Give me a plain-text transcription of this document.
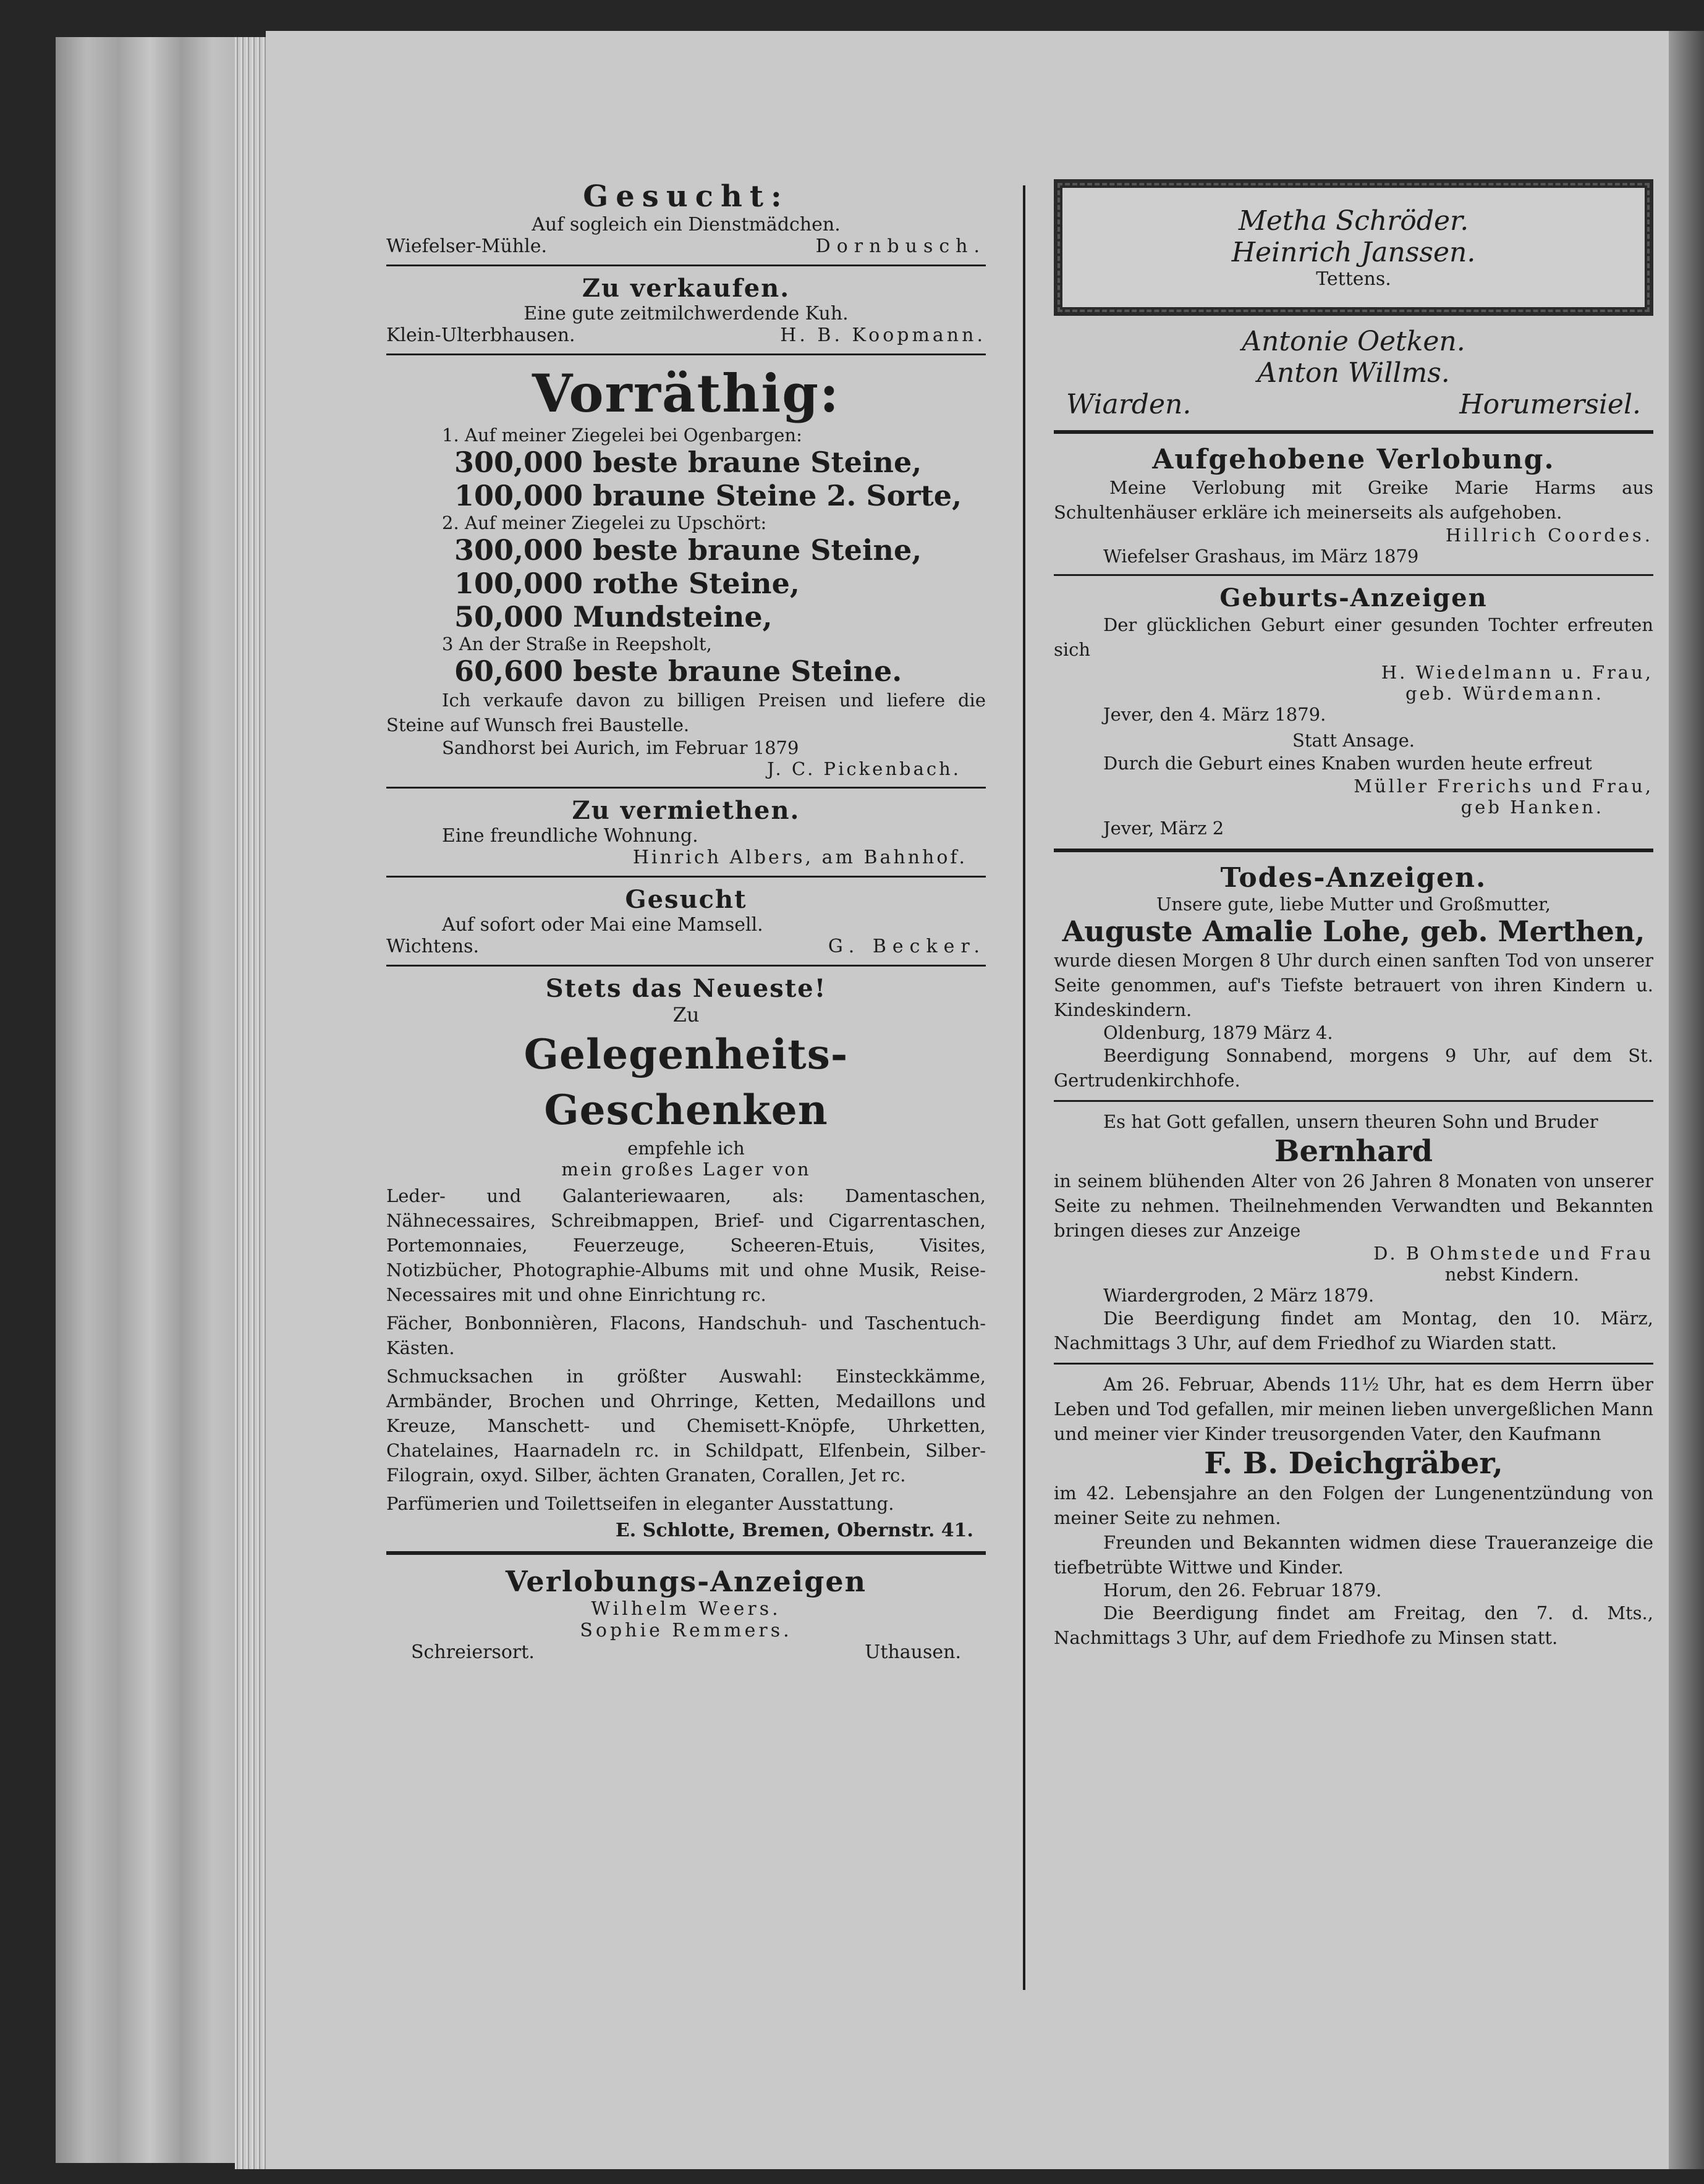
Gesucht:
Auf sogleich ein Dienstmädchen.
Wiefelser-Mühle.	Dornbusch.
Zu verkaufen.
Eine gute zeitmilchwerdende Kuh.
Klein-Ulterbhausen.	H. B. Koopmann.
Vorräthig:
1. Auf meiner Ziegelei bei Ogenbargen:
300,000 beste braune Steine,
100,000 braune Steine 2. Sorte,
2. Auf meiner Ziegelei zu Upschört:
300,000 beste braune Steine,
100,000 rothe Steine,
50,000 Mundsteine,
3 An der Straße in Reepsholt,
60,600 beste braune Steine.
Ich verkaufe davon zu billigen Preisen und liefere die Steine auf Wunsch frei Baustelle.
Sandhorst bei Aurich, im Februar 1879
J. C. Pickenbach.
Zu vermiethen.
Eine freundliche Wohnung.
Hinrich Albers, am Bahnhof.
Gesucht
Auf sofort oder Mai eine Mamsell.
Wichtens.	G. Becker.
Stets das Neueste!
Zu
Gelegenheits-Geschenken
empfehle ich
mein großes Lager von
Leder- und Galanteriewaaren, als: Damentaschen, Nähnecessaires, Schreibmappen, Brief- und Cigarrentaschen, Portemonnaies, Feuerzeuge, Scheeren-Etuis, Visites, Notizbücher, Photographie-Albums mit und ohne Musik, Reise-Necessaires mit und ohne Einrichtung rc.
Fächer, Bonbonnièren, Flacons, Handschuh- und Taschentuch-Kästen.
Schmucksachen in größter Auswahl: Einsteckkämme, Armbänder, Brochen und Ohrringe, Ketten, Medaillons und Kreuze, Manschett- und Chemisett-Knöpfe, Uhrketten, Chatelaines, Haarnadeln rc. in Schildpatt, Elfenbein, Silber-Filograin, oxyd. Silber, ächten Granaten, Corallen, Jet rc.
Parfümerien und Toilettseifen in eleganter Ausstattung.
E. Schlotte, Bremen, Obernstr. 41.
Verlobungs-Anzeigen
Wilhelm Weers.
Sophie Remmers.
Schreiersort.	Uthausen.
Metha Schröder.
Heinrich Janssen.
Tettens.
Antonie Oetken.
Anton Willms.
Wiarden.	Horumersiel.
Aufgehobene Verlobung.
Meine Verlobung mit Greike Marie Harms aus Schultenhäuser erkläre ich meinerseits als aufgehoben.
Hillrich Coordes.
Wiefelser Grashaus, im März 1879
Geburts-Anzeigen
Der glücklichen Geburt einer gesunden Tochter erfreuten sich
H. Wiedelmann u. Frau,
geb. Würdemann.
Jever, den 4. März 1879.
Statt Ansage.
Durch die Geburt eines Knaben wurden heute erfreut
Müller Frerichs und Frau,
geb Hanken.
Jever, März 2
Todes-Anzeigen.
Unsere gute, liebe Mutter und Großmutter,
Auguste Amalie Lohe, geb. Merthen,
wurde diesen Morgen 8 Uhr durch einen sanften Tod von unserer Seite genommen, auf's Tiefste betrauert von ihren Kindern u. Kindeskindern.
Oldenburg, 1879 März 4.
Beerdigung Sonnabend, morgens 9 Uhr, auf dem St. Gertrudenkirchhofe.
Es hat Gott gefallen, unsern theuren Sohn und Bruder
Bernhard
in seinem blühenden Alter von 26 Jahren 8 Monaten von unserer Seite zu nehmen. Theilnehmenden Verwandten und Bekannten bringen dieses zur Anzeige
D. B Ohmstede und Frau
nebst Kindern.
Wiardergroden, 2 März 1879.
Die Beerdigung findet am Montag, den 10. März, Nachmittags 3 Uhr, auf dem Friedhof zu Wiarden statt.
Am 26. Februar, Abends 11½ Uhr, hat es dem Herrn über Leben und Tod gefallen, mir meinen lieben unvergeßlichen Mann und meiner vier Kinder treusorgenden Vater, den Kaufmann
F. B. Deichgräber,
im 42. Lebensjahre an den Folgen der Lungenentzündung von meiner Seite zu nehmen.
Freunden und Bekannten widmen diese Traueranzeige die tiefbetrübte Wittwe und Kinder.
Horum, den 26. Februar 1879.
Die Beerdigung findet am Freitag, den 7. d. Mts., Nachmittags 3 Uhr, auf dem Friedhofe zu Minsen statt.
